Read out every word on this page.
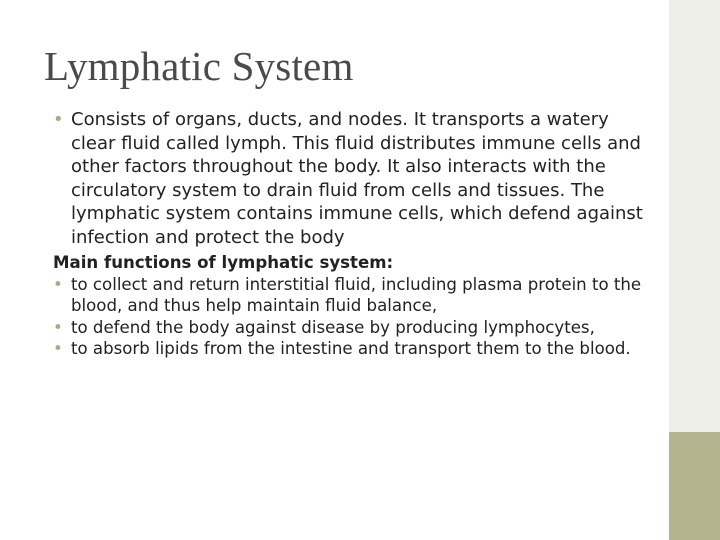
Lymphatic System

• Consists of organs, ducts, and nodes. It transports a watery clear fluid called lymph. This fluid distributes immune cells and other factors throughout the body. It also interacts with the circulatory system to drain fluid from cells and tissues. The lymphatic system contains immune cells, which defend against infection and protect the body

Main functions of lymphatic system:

• to collect and return interstitial fluid, including plasma protein to the blood, and thus help maintain fluid balance,

• to defend the body against disease by producing lymphocytes,

• to absorb lipids from the intestine and transport them to the blood.
